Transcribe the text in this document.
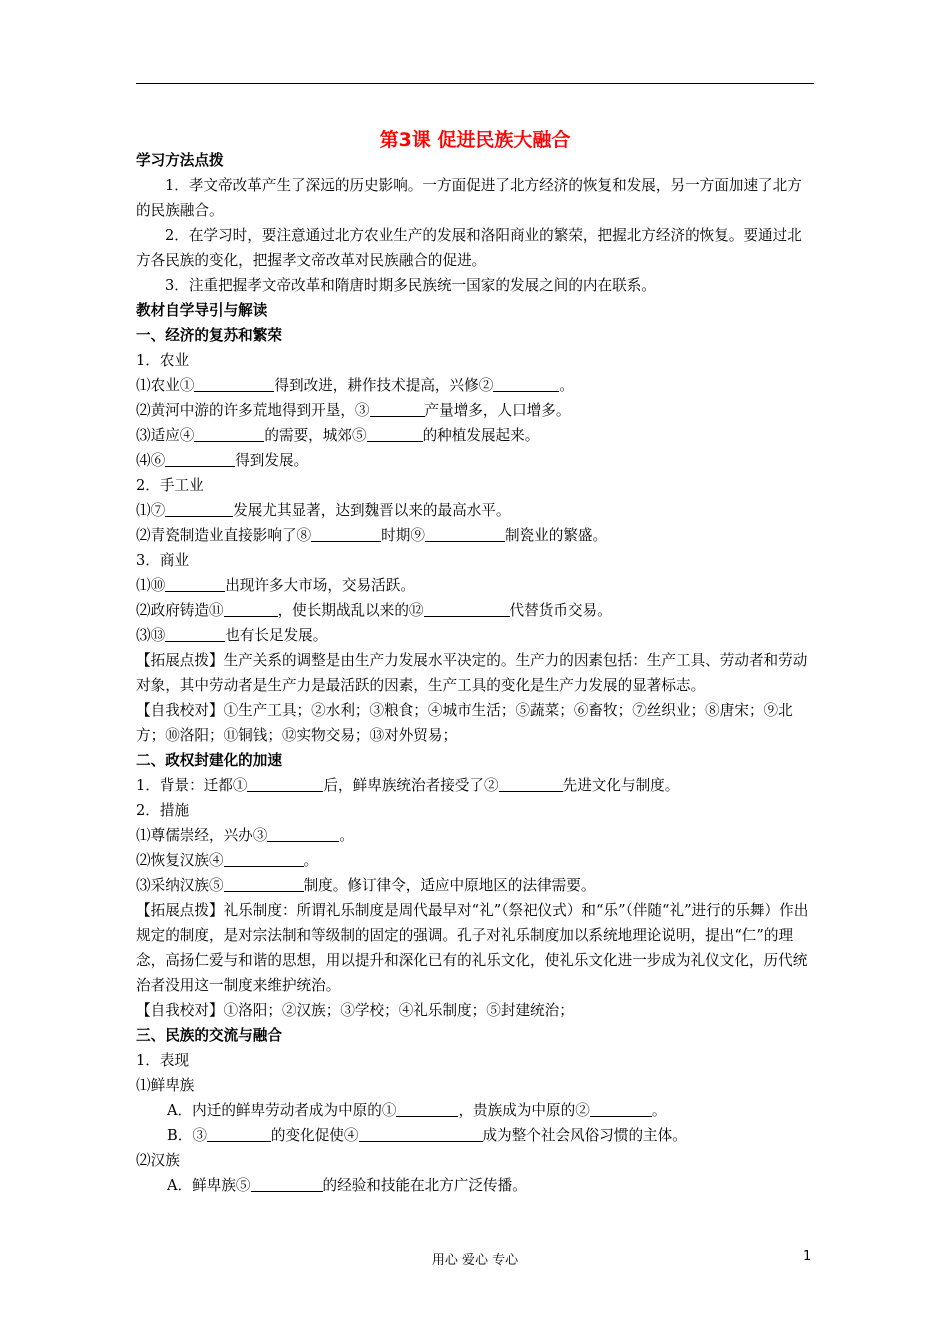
第3课 促进民族大融合

学习方法点拨

1．孝文帝改革产生了深远的历史影响。一方面促进了北方经济的恢复和发展，另一方面加速了北方的民族融合。

2．在学习时，要注意通过北方农业生产的发展和洛阳商业的繁荣，把握北方经济的恢复。要通过北方各民族的变化，把握孝文帝改革对民族融合的促进。

3．注重把握孝文帝改革和隋唐时期多民族统一国家的发展之间的内在联系。

教材自学导引与解读

一、经济的复苏和繁荣

1．农业

⑴农业①	得到改进，耕作技术提高，兴修②	。

⑵黄河中游的许多荒地得到开垦，③	产量增多，人口增多。

⑶适应④	的需要，城郊⑤	的种植发展起来。

⑷⑥	得到发展。

2．手工业

⑴⑦	发展尤其显著，达到魏晋以来的最高水平。

⑵青瓷制造业直接影响了⑧	时期⑨	制瓷业的繁盛。

3．商业

⑴⑩	出现许多大市场，交易活跃。

⑵政府铸造⑪	，使长期战乱以来的⑫	代替货币交易。

⑶⑬	也有长足发展。

【拓展点拨】生产关系的调整是由生产力发展水平决定的。生产力的因素包括：生产工具、劳动者和劳动对象，其中劳动者是生产力是最活跃的因素，生产工具的变化是生产力发展的显著标志。

【自我校对】①生产工具；②水利；③粮食；④城市生活；⑤蔬菜；⑥畜牧；⑦丝织业；⑧唐宋；⑨北方；⑩洛阳；⑪铜钱；⑫实物交易；⑬对外贸易；

二、政权封建化的加速

1．背景：迁都①	后，鲜卑族统治者接受了②	先进文化与制度。

2．措施

⑴尊儒崇经，兴办③	。

⑵恢复汉族④	。

⑶采纳汉族⑤	制度。修订律令，适应中原地区的法律需要。

【拓展点拨】礼乐制度：所谓礼乐制度是周代最早对“礼”（祭祀仪式）和“乐”（伴随“礼”进行的乐舞）作出规定的制度，是对宗法制和等级制的固定的强调。孔子对礼乐制度加以系统地理论说明，提出“仁”的理念，高扬仁爱与和谐的思想，用以提升和深化已有的礼乐文化，使礼乐文化进一步成为礼仪文化，历代统治者没用这一制度来维护统治。

【自我校对】①洛阳；②汉族；③学校；④礼乐制度；⑤封建统治；

三、民族的交流与融合

1．表现

⑴鲜卑族

A．内迁的鲜卑劳动者成为中原的①	，贵族成为中原的②	。

B．③	的变化促使④	成为整个社会风俗习惯的主体。

⑵汉族

A．鲜卑族⑤	的经验和技能在北方广泛传播。

用心 爱心 专心	1
